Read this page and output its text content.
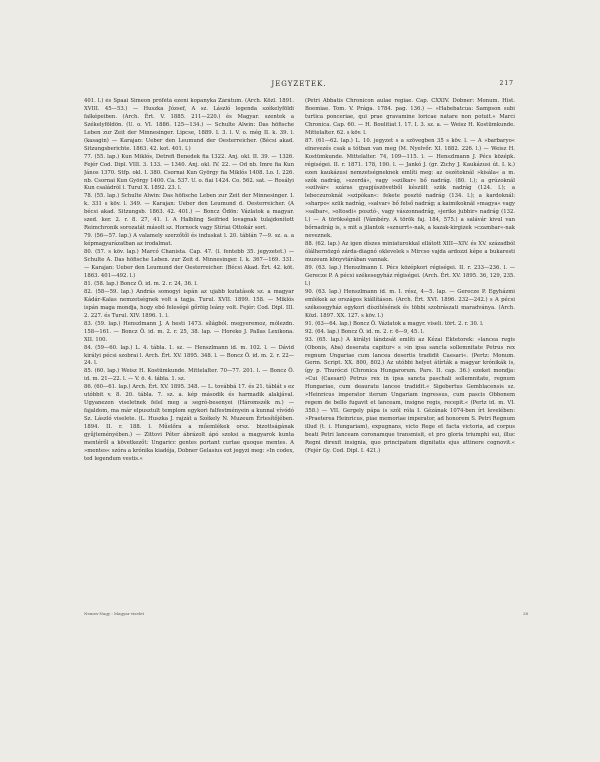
JEGYZETEK.	217

401. l.) és Spaai Simeon prófétá ezeni kopanyka Zárátum. (Arch. Közl. 1891. XVIII. 45—53.) — Huszka József, A sz. László legenda székelyföldi falképeiben. (Arch. Ért. V. 1885. 211—220.) és Magyar. szentek a Székelyföldön. (U. o. VI. 1886. 125—134.) — Schulte Alwin: Das höfische Leben zur Zeit der Minnesinger. Lipcse, 1889. I. 3. l. V. o. még II. k. 39. l. (kasagin) — Karajan: Ueber den Leumund der Oesterreicher. (Bécsi akad. Sitzungsberichte. 1863. 42. kot. 401. l.)

77. (55. lap.) Kun Miklós, Detrefi Benedek fia 1322. Anj. okl. II. 39. — 1326. Fejér Cod. Dipl. VIII. 3. 133. — 1340. Anj. okl. IV. 22. — Od nb. Imre fia Kun János 1370. Stfp. okl. I. 380. Csornai Kun György fia Miklós 1408. Lo. I. 226. nb. Csornai Kun György 1400. Ca. 537. U. o. fiai 1424. Co. 562. sat. — Rosályi Kun családról l. Turul X. 1892. 23. l.

78. (55. lap.) Schulte Alwin: Das höfische Leben zur Zeit der Minnesinger. I. k. 331 s köv. l. 349. — Karajan: Ueber den Leumund d. Oesterreicher. (A bécsi akad. Sitzungsb. 1863. 42. 401.) — Boncz Ödön: Vázlatok a magyar. szed. ker. 2. r. 8. 27, 41. l. A Halbling Seifried lovagnak tulajdonított Reimchronik sorozatát másolt sz. Hornock vagy Stíriai Ottokár sort.

79. (56—57. lap.) A valamely szerzőtől és induskat l. 20. táblán 7—9. sz. a. a képmagyarázatban az irodalmat.

80. (57. s köv. lap.) Marcó Chanista. Cap. 47. (l. fentebb 35. jegyzetet.) — Schulte A. Das höfische Leben. zur Zeit d. Minnesinger. I. k. 367—169. 331. — Karajan: Ueber den Leumund der Oesterreicher. (Bécsi Akad. Ért. 42. köt. 1863. 401—492. l.)

81. (58. lap.) Boncz Ö. id. m. 2. r. 24, 36. l.

82. (58—59. lap.) András somogyi ispán az ujabb kutatások sz. a magyar Kádár-Kalas nemzetségnek volt a tagja. Turul. XVII. 1899. 158. — Miklós ispán maga mondja, hogy ebó feleségé gőröig leány volt. Fejér: Cod. Dipl. III. 2. 227. és Turul. XIV. 1896. 1. l.

83. (59. lap.) Henszlmann J. A hesti 1473. sílágból. megyeremoz, mólezdn. 158—161. — Boncz Ö. id. m. 2. r. 25, 38. lap. — Horeko J. Pallas Lexikona. XII. 100.

84. (59—60. lap.) L. 4. tábla. 1. sz. — Henszlmann id. m. 102. l. — Dávid királyi pécsi szobrai l. Arch. Ért. XV. 1895. 348. l. — Boncz Ö. id. m. 2. r. 22—24. l.

85. (60. lap.) Weisz H. Kostümkunde. Mittelalter. 70—77. 201. l. — Boncz Ö. id. m. 21—22. l. — V. ö. 4. tábla. 1. sz.

86. (60—61. lap.) Arch. Ért. XV. 1895. 348. — L. továbbá 17. és 21. táblát s ez utóbbit v. 8. 20. tábla. 7. sz. a. kép második és harmadik alakjával. Ugyanezen viseletnek felel meg a segró-besenyei (Háromszék m.) — fajaldom, ma már elpusztult templom egykori falfestményein a kunnal vívódó Sz. László viselete. (L. Huszka J. rajzát a Székely N. Muzeum Értesítőjében. 1894. II. r. 188. l. Műelőra a műemlékek orsz. bizottságának gyűjteményében.) — Zittovi Péter ábrázolt ápó szoksi a magyarok kunta mentéről a következőt: Ungaricc gentes portant curtae quoque mentes. A »mentes« szóra a krónika kiadója, Dobner Gelasius ezt jegyzi meg: »In codex, ted legendum vestis.«

(Petri Abbatis Chronicon aulae regiae. Cap. CXXIV. Dobner: Monum. Hist. Boemiae. Tom. V. Prága. 1784. pag. 136.) — »Habebatcua: Sampson subi turtica ponceriae, qui prae gravamine loricae natare non potuit.« Marci Chronica. Cap. 60. — H. Boulitiat I. 17. I. 3. sz. a. — Weisz H. Kostümkunde. Mittelalter. 62. s köv. l.

87. (61—62. lap.) L. 10. jegyzet s a szövegben 35 s köv. l. — A »barbaryo« elnevezés csak a tótban van meg (M. Nyelvőr. XI. 1882. 226. l.) — Weisz H. Kostümkunde. Mittelalter. 74, 109—115. l. — Henszlmann J. Pécs középk. régiségei. II. r. 1871. 178, 190. l. — Jankó J. (gr. Zichy J. Kaukázusi út. I. k.) ezen kaukázusi nemzetségneknek említi meg: az oszétoknál »kisála« a m. szók nadrág, »szerdá«, vagy »szilkar« bő nadrág. (80. l.); a grúzoknál »szilvár« száras gyapjúszövetből készült szük nadrág (124. l.); a lebeczuroknál »szipókan«: fekete posztó nadrág (134. l.); a kardoknál: »sharpo« szük nadrág, »salvar« bő felső nadrág; a kaimikoknál »magya« vagy »salbar«, »oltosdi« posztó-, vagy vászonnadrág, »jerike jubbir« nadrág (132. l.) — A törökségnél (Vámbéry. A török faj. 184, 575.) a salávár kivul van bőrnadrág is, s mit a jilantok »sznurrt«-nak, a kazak-kirgizek »czambar«-nak neveznek.

88. (62. lap.) Az igen díszes miniaturokkal ellátott XIII—XIV. és XV. századból ólálhernözgó zárda-diagnó oklevelek s Mircso vajda ardozzi képe a bukaresti muzeum könyvtárában vannak.

89. (63. lap.) Henszlmann I. Pécs középkori régiségei. II. r. 233—236. l. — Gerecze P. A pécsi székesegyház régiségei. (Arch. Ért. XV. 1895. 36, 129, 235. l.)

90. (63. lap.) Henszlmann id. m. I. rész, 4—5. lap. — Gerecze P. Egyházmi emlékek az országos kiállításon. (Arch. Ért. XVI. 1896. 232—242.) s A pécsi székesegyház egykori díszítésének és többi szobrászati maradványa. (Arch. Közl. 1897. XX. 127. s köv. l.)

91. (63—64. lap.) Boncz Ö. Vázlatok a magyr. viseli. tört. 2. r. 30. l.

92. (64. lap.) Boncz Ö. id. m. 2. r. 6—9, 45. l.

93. (65. lap.) A királyi lándzsát említi az Kézai Ektetorek: »lancea regis (Obonis, Aba) deserata capitur« s »in ipsa sancta sollemnitate Petrus rex regnum Ungariae cum lancea desertis tradidit Caesari«. (Pertz: Monum. Germ. Script. XX. 800, 802.) Az utóbbi helyet átírták a magyar krónikák is, így p. Thuróczi (Chronica Hungarorum. Pars. II. cap. 36.) ezeket mondja: »Cui (Caesari) Petrus rex in ipsa sancta paschali sollemnitate, regnum Hungariae, cum deauratu lancee tradidit.« Sigebertus Gemblacensis sz. »Heinricus imperator iterum Ungariam ingressus, cum pascis Obbonem regem de bello fugavit et lanceam, insigne regis, recepit.« (Pertz id. m. VI. 358.) — VII. Gergely pápa is szól róla I. Gézának 1074-ben írt levelében: »Praeterea Heinricus, piae memoriae imperator, ad honorem S. Petri Regnum illud (t. i. Hungariam), expugnans, victo Rege et facta victoria, ad corpus beati Petri lanceam coronamque transmisit, et pro gloria triumphi sui, illuc Regni direxit insignia, quo principatum dignitatis ejus attinere cognovit.« (Fejér Gy. Cod. Dipl. I. 421.)

Nemes-Nagy : Magyar viselet	28
